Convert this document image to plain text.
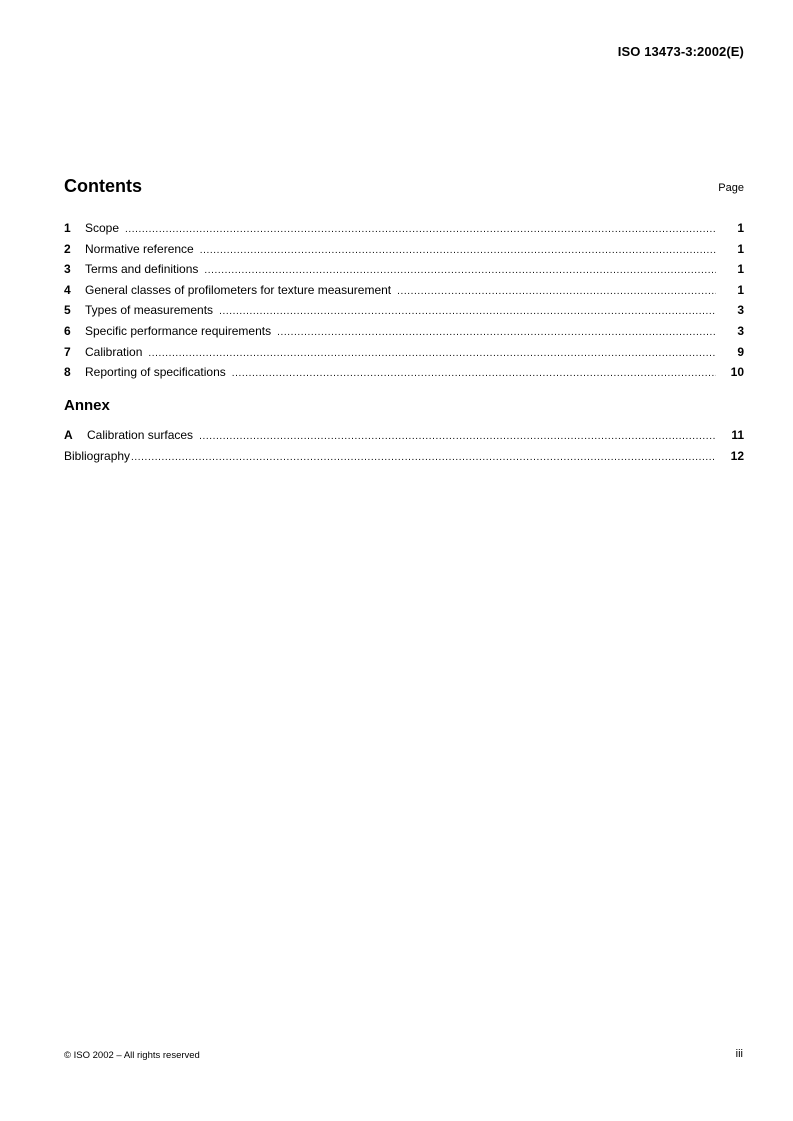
ISO 13473-3:2002(E)
Contents	Page
1	Scope .....	1
2	Normative reference .....	1
3	Terms and definitions .....	1
4	General classes of profilometers for texture measurement .....	1
5	Types of measurements .....	3
6	Specific performance requirements .....	3
7	Calibration .....	9
8	Reporting of specifications .....	10
Annex
A	Calibration surfaces .....	11
Bibliography .....	12
© ISO 2002 – All rights reserved	iii
